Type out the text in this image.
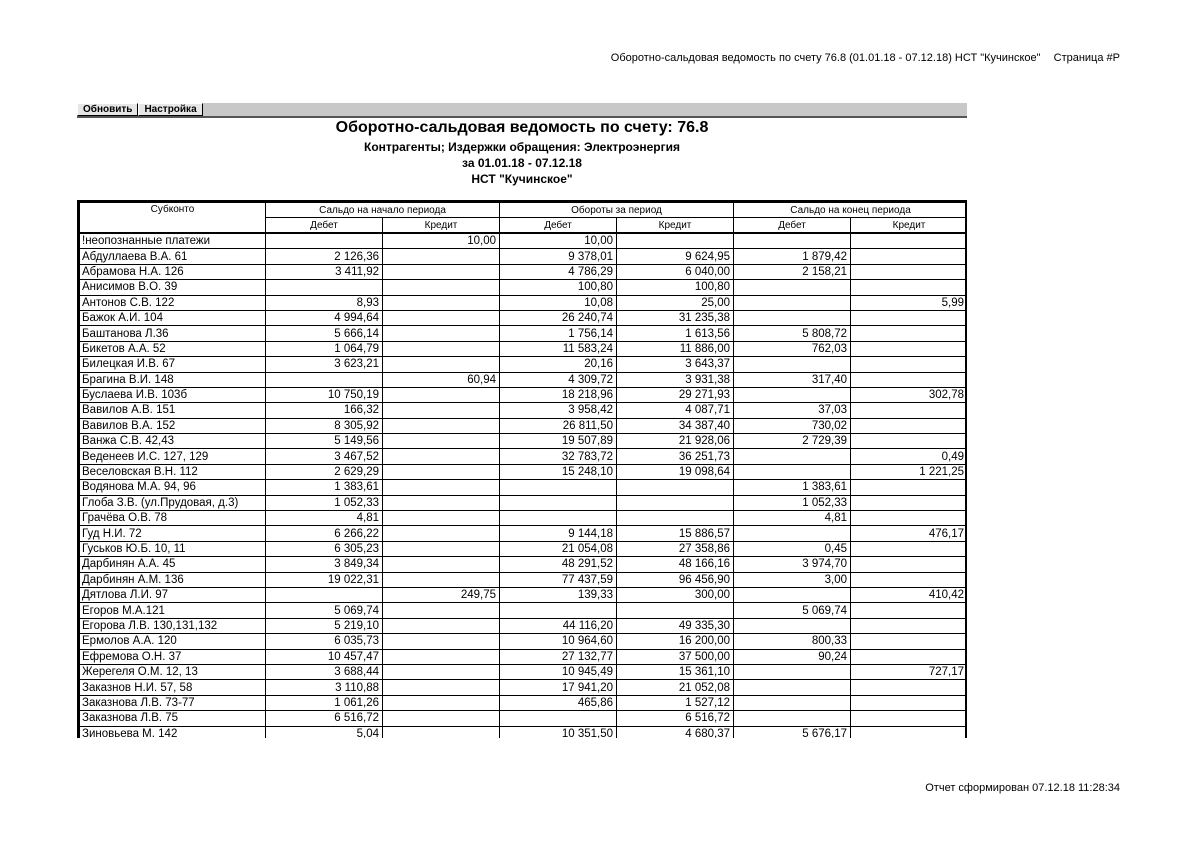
Оборотно-сальдовая ведомость по счету 76.8 (01.01.18 - 07.12.18) НСТ "Кучинское" Страница #Р
Обновить	Настройка
Оборотно-сальдовая ведомость по счету: 76.8
Контрагенты; Издержки обращения: Электроэнергия
за 01.01.18 - 07.12.18
НСТ "Кучинское"
Субконто	Сальдо на начало периода		Обороты за период		Сальдо на конец периода	
	Дебет	Кредит	Дебет	Кредит	Дебет	Кредит
!неопознанные платежи		10,00	10,00			
Абдуллаева В.А. 61	2 126,36		9 378,01	9 624,95	1 879,42	
Абрамова Н.А. 126	3 411,92		4 786,29	6 040,00	2 158,21	
Анисимов В.О. 39			100,80	100,80		
Антонов С.В. 122	8,93		10,08	25,00		5,99
Бажок А.И. 104	4 994,64		26 240,74	31 235,38		
Баштанова Л.36	5 666,14		1 756,14	1 613,56	5 808,72	
Бикетов А.А. 52	1 064,79		11 583,24	11 886,00	762,03	
Билецкая И.В. 67	3 623,21		20,16	3 643,37		
Брагина В.И. 148		60,94	4 309,72	3 931,38	317,40	
Буслаева И.В. 103б	10 750,19		18 218,96	29 271,93		302,78
Вавилов А.В. 151	166,32		3 958,42	4 087,71	37,03	
Вавилов В.А. 152	8 305,92		26 811,50	34 387,40	730,02	
Ванжа С.В. 42,43	5 149,56		19 507,89	21 928,06	2 729,39	
Веденеев И.С. 127, 129	3 467,52		32 783,72	36 251,73		0,49
Веселовская В.Н. 112	2 629,29		15 248,10	19 098,64		1 221,25
Водянова М.А. 94, 96	1 383,61				1 383,61	
Глоба З.В. (ул.Прудовая, д.3)	1 052,33				1 052,33	
Грачёва О.В. 78	4,81				4,81	
Гуд Н.И. 72	6 266,22		9 144,18	15 886,57		476,17
Гуськов Ю.Б. 10, 11	6 305,23		21 054,08	27 358,86	0,45	
Дарбинян А.А. 45	3 849,34		48 291,52	48 166,16	3 974,70	
Дарбинян А.М. 136	19 022,31		77 437,59	96 456,90	3,00	
Дятлова Л.И. 97		249,75	139,33	300,00		410,42
Егоров М.А.121	5 069,74				5 069,74	
Егорова Л.В. 130,131,132	5 219,10		44 116,20	49 335,30		
Ермолов А.А. 120	6 035,73		10 964,60	16 200,00	800,33	
Ефремова О.Н. 37	10 457,47		27 132,77	37 500,00	90,24	
Жерегеля О.М. 12, 13	3 688,44		10 945,49	15 361,10		727,17
Заказнов Н.И. 57, 58	3 110,88		17 941,20	21 052,08		
Заказнова Л.В. 73-77	1 061,26		465,86	1 527,12		
Заказнова Л.В. 75	6 516,72			6 516,72		
Зиновьева М. 142	5,04		10 351,50	4 680,37	5 676,17	
Отчет сформирован 07.12.18 11:28:34
